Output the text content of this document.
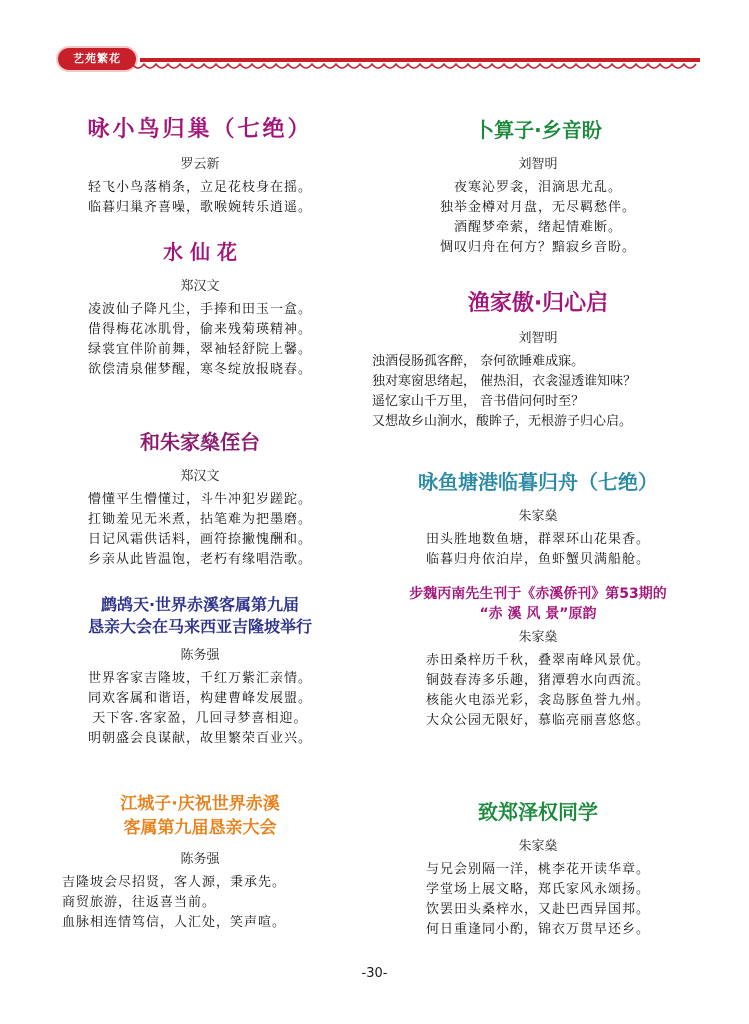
艺苑繁花
咏小鸟归巢（七绝）
罗云新
轻飞小鸟落梢条，立足花枝身在摇。
临暮归巢齐喜噪，歌喉婉转乐逍遥。
水 仙 花
郑汉文
凌波仙子降凡尘，手捧和田玉一盒。
借得梅花冰肌骨，偷来残菊瑛精神。
绿裳宜伴阶前舞，翠袖轻舒院上馨。
欲偿清泉催梦醒，寒冬绽放报晓春。
和朱家燊侄台
郑汉文
懵懂平生懵懂过，斗牛冲犯岁蹉跎。
扛锄羞见无米煮，拈笔难为把墨磨。
日记风霜供话料，画符捺撇愧酬和。
乡亲从此皆温饱，老朽有缘唱浩歌。
鹧鸪天·世界赤溪客属第九届
恳亲大会在马来西亚吉隆坡举行
陈务强
世界客家吉隆坡，千红万紫汇亲情。
同欢客属和谐语，构建曹峰发展盟。
天下客.客家盈，几回寻梦喜相迎。
明朝盛会良谋献，故里繁荣百业兴。
江城子·庆祝世界赤溪
客属第九届恳亲大会
陈务强
吉隆坡会尽招贤，客人源，秉承先。
商贸旅游，往返喜当前。
血脉相连情笃信，人汇处，笑声喧。
卜算子·乡音盼
刘智明
夜寒沁罗衾，泪滴思尤乱。
独举金樽对月盘，无尽羁愁伴。
酒醒梦牵萦，绪起情难断。
惆叹归舟在何方？黯寂乡音盼。
渔家傲·归心启
刘智明
浊酒侵肠孤客醉， 奈何欲睡难成寐。
独对寒窗思绪起， 催热泪，衣衾湿透谁知味？
遥忆家山千万里， 音书借问何时至？
又想故乡山涧水，酸眸子，无根游子归心启。
咏鱼塘港临暮归舟（七绝）
朱家燊
田头胜地数鱼塘，群翠环山花果香。
临暮归舟依泊岸，鱼虾蟹贝满船舱。
步魏丙南先生刊于《赤溪侨刊》第53期的
“赤 溪 风 景”原韵
朱家燊
赤田桑梓历千秋，叠翠南峰风景优。
铜鼓春涛多乐趣，猪潭碧水向西流。
核能火电添光彩，衾岛豚鱼誉九州。
大众公园无限好，慕临亮丽喜悠悠。
致郑泽权同学
朱家燊
与兄会别隔一洋，桃李花开读华章。
学堂场上展文略，郑氏家风永颂扬。
饮罢田头桑梓水，又赴巴西异国邦。
何日重逢同小酌，锦衣万贯早还乡。
-30-
